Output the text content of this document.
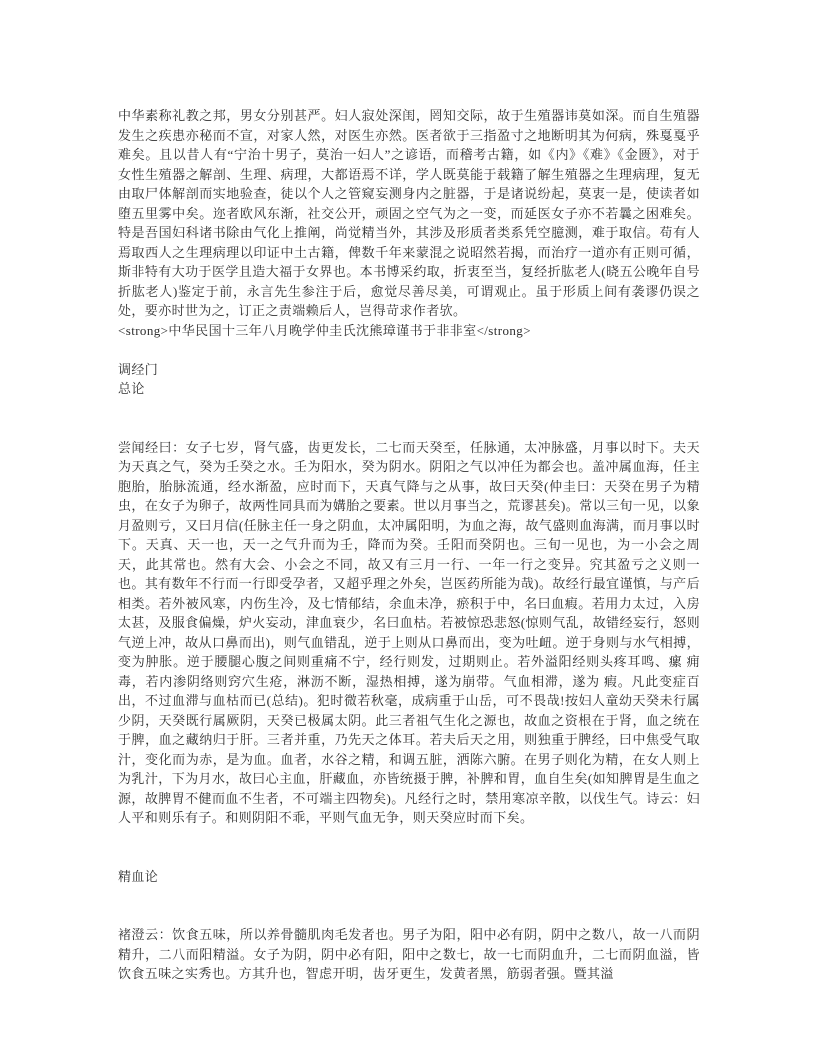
中华素称礼教之邦，男女分别甚严。妇人寂处深闺，罔知交际，故于生殖器讳莫如深。而自生殖器发生之疾患亦秘而不宣，对家人然，对医生亦然。医者欲于三指盈寸之地断明其为何病，殊戛戛乎难矣。且以昔人有“宁治十男子，莫治一妇人”之谚语，而稽考古籍，如《内》《难》《金匮》，对于女性生殖器之解剖、生理、病理，大都语焉不详，学人既莫能于载籍了解生殖器之生理病理，复无由取尸体解剖而实地验查，徒以个人之管窥妄测身内之脏器，于是诸说纷起，莫衷一是，使读者如堕五里雾中矣。迩者欧风东渐，社交公开，顽固之空气为之一变，而延医女子亦不若曩之困难矣。特是吾国妇科诸书除由气化上推阐，尚觉精当外，其涉及形质者类系凭空臆测，难于取信。苟有人焉取西人之生理病理以印证中土古籍，俾数千年来蒙混之说昭然若揭，而治疗一道亦有正则可循，斯非特有大功于医学且造大福于女界也。本书博采约取，折衷至当，复经折肱老人(晓五公晚年自号折肱老人)鉴定于前，永言先生参注于后，愈觉尽善尽美，可谓观止。虽于形质上间有袭谬仍误之处，要亦时世为之，订正之责端赖后人，岂得苛求作者欤。

<strong>中华民国十三年八月晚学仲圭氏沈熊璋谨书于非非室</strong>

调经门
总论

尝闻经曰：女子七岁，肾气盛，齿更发长，二七而天癸至，任脉通，太冲脉盛，月事以时下。夫天为天真之气，癸为壬癸之水。壬为阳水，癸为阴水。阴阳之气以冲任为都会也。盖冲属血海，任主胞胎，胎脉流通，经水渐盈，应时而下，天真气降与之从事，故曰天癸(仲圭曰：天癸在男子为精虫，在女子为卵子，故两性同具而为媾胎之要素。世以月事当之，荒谬甚矣)。常以三旬一见，以象月盈则亏，又曰月信(任脉主任一身之阴血，太冲属阳明，为血之海，故气盛则血海满，而月事以时下。天真、天一也，天一之气升而为壬，降而为癸。壬阳而癸阴也。三旬一见也，为一小会之周天，此其常也。然有大会、小会之不同，故又有三月一行、一年一行之变异。究其盈亏之义则一也。其有数年不行而一行即受孕者，又超乎理之外矣，岂医药所能为哉)。故经行最宜谨慎，与产后相类。若外被风寒，内伤生冷，及七情郁结，余血未净，瘀积于中，名曰血瘕。若用力太过，入房太甚，及服食偏燥，炉火妄动，津血衰少，名曰血枯。若被惊恐悲怒(惊则气乱，故错经妄行，怒则气逆上冲，故从口鼻而出)，则气血错乱，逆于上则从口鼻而出，变为吐衄。逆于身则与水气相搏，变为肿胀。逆于腰腿心腹之间则重痛不宁，经行则发，过期则止。若外溢阳经则头疼耳鸣、瘰 痈毒，若内渗阴络则窍穴生疮，淋沥不断，湿热相搏，遂为崩带。气血相滞，遂为 瘕。凡此变症百出，不过血滞与血枯而已(总结)。犯时微若秋毫，成病重于山岳，可不畏哉!按妇人童幼天癸未行属少阴，天癸既行属厥阴，天癸已极属太阴。此三者祖气生化之源也，故血之资根在于肾，血之统在于脾，血之藏纳归于肝。三者并重，乃先天之体耳。若夫后天之用，则独重于脾经，曰中焦受气取汁，变化而为赤，是为血。血者，水谷之精，和调五脏，洒陈六腑。在男子则化为精，在女人则上为乳汁，下为月水，故曰心主血，肝藏血，亦皆统摄于脾，补脾和胃，血自生矣(如知脾胃是生血之源，故脾胃不健而血不生者，不可端主四物矣)。凡经行之时，禁用寒凉辛散，以伐生气。诗云：妇人平和则乐有子。和则阴阳不乖，平则气血无争，则天癸应时而下矣。

精血论

褚澄云：饮食五味，所以养骨髓肌肉毛发者也。男子为阳，阳中必有阴，阴中之数八，故一八而阴精升，二八而阳精溢。女子为阴，阴中必有阳，阳中之数七，故一七而阴血升，二七而阴血溢，皆饮食五味之实秀也。方其升也，智虑开明，齿牙更生，发黄者黑，筋弱者强。暨其溢
